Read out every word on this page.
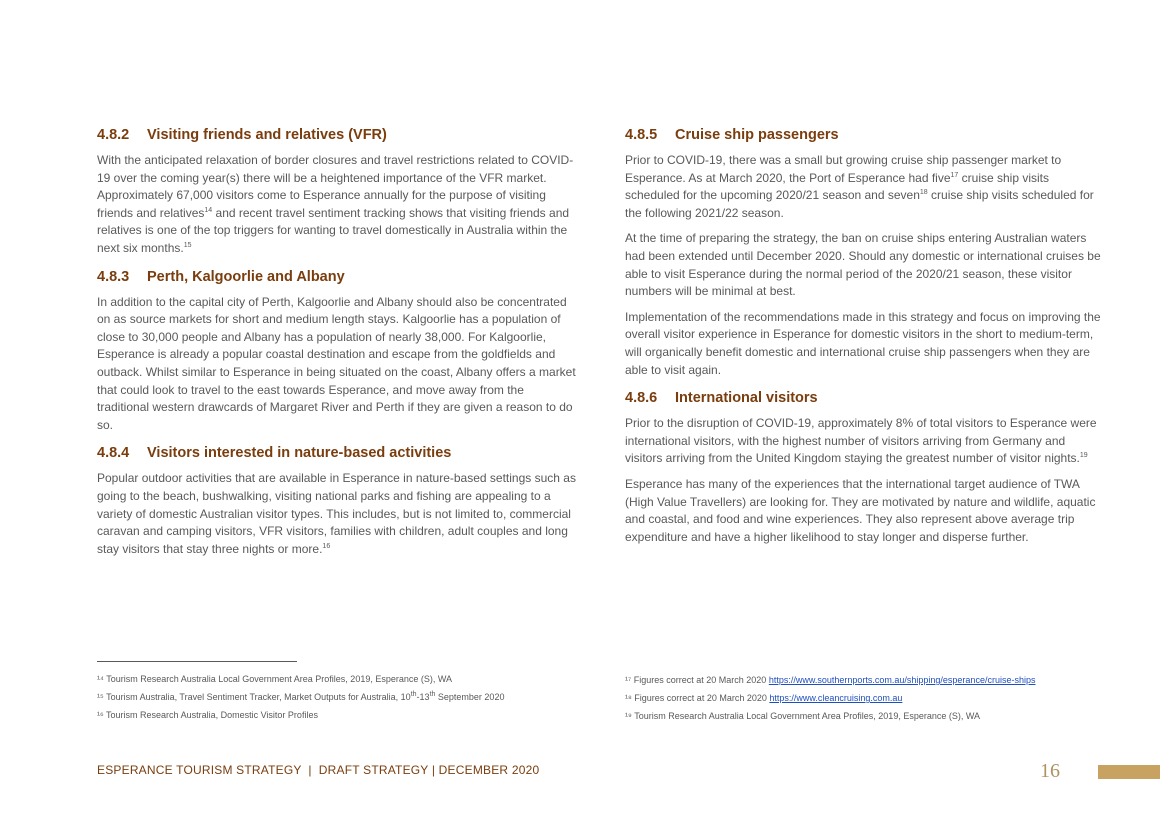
4.8.2 Visiting friends and relatives (VFR)

With the anticipated relaxation of border closures and travel restrictions related to COVID-19 over the coming year(s) there will be a heightened importance of the VFR market. Approximately 67,000 visitors come to Esperance annually for the purpose of visiting friends and relatives$^{14}$ and recent travel sentiment tracking shows that visiting friends and relatives is one of the top triggers for wanting to travel domestically in Australia within the next six months.$^{15}$

4.8.3 Perth, Kalgoorlie and Albany

In addition to the capital city of Perth, Kalgoorlie and Albany should also be concentrated on as source markets for short and medium length stays. Kalgoorlie has a population of close to 30,000 people and Albany has a population of nearly 38,000. For Kalgoorlie, Esperance is already a popular coastal destination and escape from the goldfields and outback. Whilst similar to Esperance in being situated on the coast, Albany offers a market that could look to travel to the east towards Esperance, and move away from the traditional western drawcards of Margaret River and Perth if they are given a reason to do so.

4.8.4 Visitors interested in nature-based activities

Popular outdoor activities that are available in Esperance in nature-based settings such as going to the beach, bushwalking, visiting national parks and fishing are appealing to a variety of domestic Australian visitor types. This includes, but is not limited to, commercial caravan and camping visitors, VFR visitors, families with children, adult couples and long stay visitors that stay three nights or more.$^{16}$

4.8.5 Cruise ship passengers

Prior to COVID-19, there was a small but growing cruise ship passenger market to Esperance. As at March 2020, the Port of Esperance had five$^{17}$ cruise ship visits scheduled for the upcoming 2020/21 season and seven$^{18}$ cruise ship visits scheduled for the following 2021/22 season.

At the time of preparing the strategy, the ban on cruise ships entering Australian waters had been extended until December 2020. Should any domestic or international cruises be able to visit Esperance during the normal period of the 2020/21 season, these visitor numbers will be minimal at best.

Implementation of the recommendations made in this strategy and focus on improving the overall visitor experience in Esperance for domestic visitors in the short to medium-term, will organically benefit domestic and international cruise ship passengers when they are able to visit again.

4.8.6 International visitors

Prior to the disruption of COVID-19, approximately 8% of total visitors to Esperance were international visitors, with the highest number of visitors arriving from Germany and visitors arriving from the United Kingdom staying the greatest number of visitor nights.$^{19}$

Esperance has many of the experiences that the international target audience of TWA (High Value Travellers) are looking for. They are motivated by nature and wildlife, aquatic and coastal, and food and wine experiences. They also represent above average trip expenditure and have a higher likelihood to stay longer and disperse further.

¹⁴ Tourism Research Australia Local Government Area Profiles, 2019, Esperance (S), WA
¹⁵ Tourism Australia, Travel Sentiment Tracker, Market Outputs for Australia, 10th-13th September 2020
¹⁶ Tourism Research Australia, Domestic Visitor Profiles
¹⁷ Figures correct at 20 March 2020 https://www.southernports.com.au/shipping/esperance/cruise-ships
¹⁸ Figures correct at 20 March 2020 https://www.cleancruising.com.au
¹⁹ Tourism Research Australia Local Government Area Profiles, 2019, Esperance (S), WA
ESPERANCE TOURISM STRATEGY  |  DRAFT STRATEGY | DECEMBER 2020	16
